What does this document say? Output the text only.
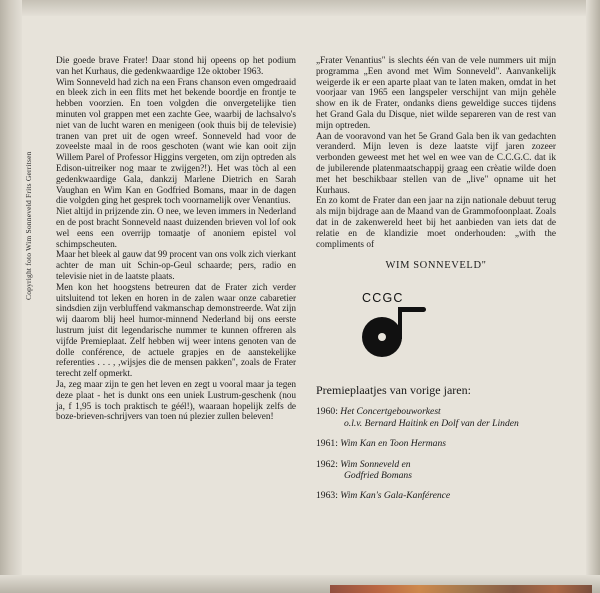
Copyright foto Wim Sonneveld Frits Gerritsen

Die goede brave Frater! Daar stond hij opeens op het podium van het Kurhaus, die gedenkwaardige 12e oktober 1963.

Wim Sonneveld had zich na een Frans chanson even omgedraaid en bleek zich in een flits met het bekende boordje en frontje te hebben voorzien. En toen volgden die onvergetelijke tien minuten vol grappen met een zachte Gee, waarbij de lachsalvo's niet van de lucht waren en menigeen (ook thuis bij de televisie) tranen van pret uit de ogen wreef. Sonneveld had voor de zoveelste maal in de roos geschoten (want wie kan ooit zijn Willem Parel of Professor Higgins vergeten, om zijn optreden als Edison-uitreiker nog maar te zwijgen?!). Het was tòch al een gedenkwaardige Gala, dankzij Marlene Dietrich en Sarah Vaughan en Wim Kan en Godfried Bomans, maar in de dagen die volgden ging het gesprek toch voornamelijk over Venantius.

Niet altijd in prijzende zin. O nee, we leven immers in Nederland en de post bracht Sonneveld naast duizenden brieven vol lof ook wel eens een overrijp tomaatje of anoniem epistel vol schimpscheuten.

Maar het bleek al gauw dat 99 procent van ons volk zich vierkant achter de man uit Schin-op-Geul schaarde; pers, radio en televisie niet in de laatste plaats.

Men kon het hoogstens betreuren dat de Frater zich verder uitsluitend tot leken en horen in de zalen waar onze cabaretier sindsdien zijn verbluffend vakmanschap demonstreerde. Wat zijn wij daarom blij heel humor-minnend Nederland bij ons eerste lustrum juist dit legendarische nummer te kunnen offreren als vijfde Premieplaat. Zelf hebben wij weer intens genoten van de dolle conférence, de actuele grapjes en de aanstekelijke referenties . . . , ,wijsjes die de mensen pakken", zoals de Frater terecht zelf opmerkt.

Ja, zeg maar zijn te gen het leven en zegt u vooral maar ja tegen deze plaat - het is dunkt ons een uniek Lustrum-geschenk (nou ja, f 1,95 is toch praktisch te géél!), waaraan hopelijk zelfs de boze-brieven-schrijvers van toen nú plezier zullen beleven!

„Frater Venantius" is slechts één van de vele nummers uit mijn programma „Een avond met Wim Sonneveld". Aanvankelijk weigerde ik er een aparte plaat van te laten maken, omdat in het voorjaar van 1965 een langspeler verschijnt van mijn gehèle show en ik de Frater, ondanks diens geweldige succes tijdens het Grand Gala du Disque, niet wilde separeren van de rest van mijn optreden.

Aan de vooravond van het 5e Grand Gala ben ik van gedachten veranderd. Mijn leven is deze laatste vijf jaren zozeer verbonden geweest met het wel en wee van de C.C.G.C. dat ik de jubilerende platenmaatschappij graag een crèatie wilde doen met het beschikbaar stellen van de „live" opname uit het Kurhaus.

En zo komt de Frater dan een jaar na zijn nationale debuut terug als mijn bijdrage aan de Maand van de Grammofoonplaat. Zoals dat in de zakenwereld heet bij het aanbieden van iets dat de relatie en de klandizie moet onderhouden: „with the compliments of

WIM SONNEVELD"
CCGC
Premieplaatjes van vorige jaren:
1960: Het Concertgebouworkest
o.l.v. Bernard Haitink en Dolf van der Linden
1961: Wim Kan en Toon Hermans
1962: Wim Sonneveld en
Godfried Bomans
1963: Wim Kan's Gala-Kanférence
